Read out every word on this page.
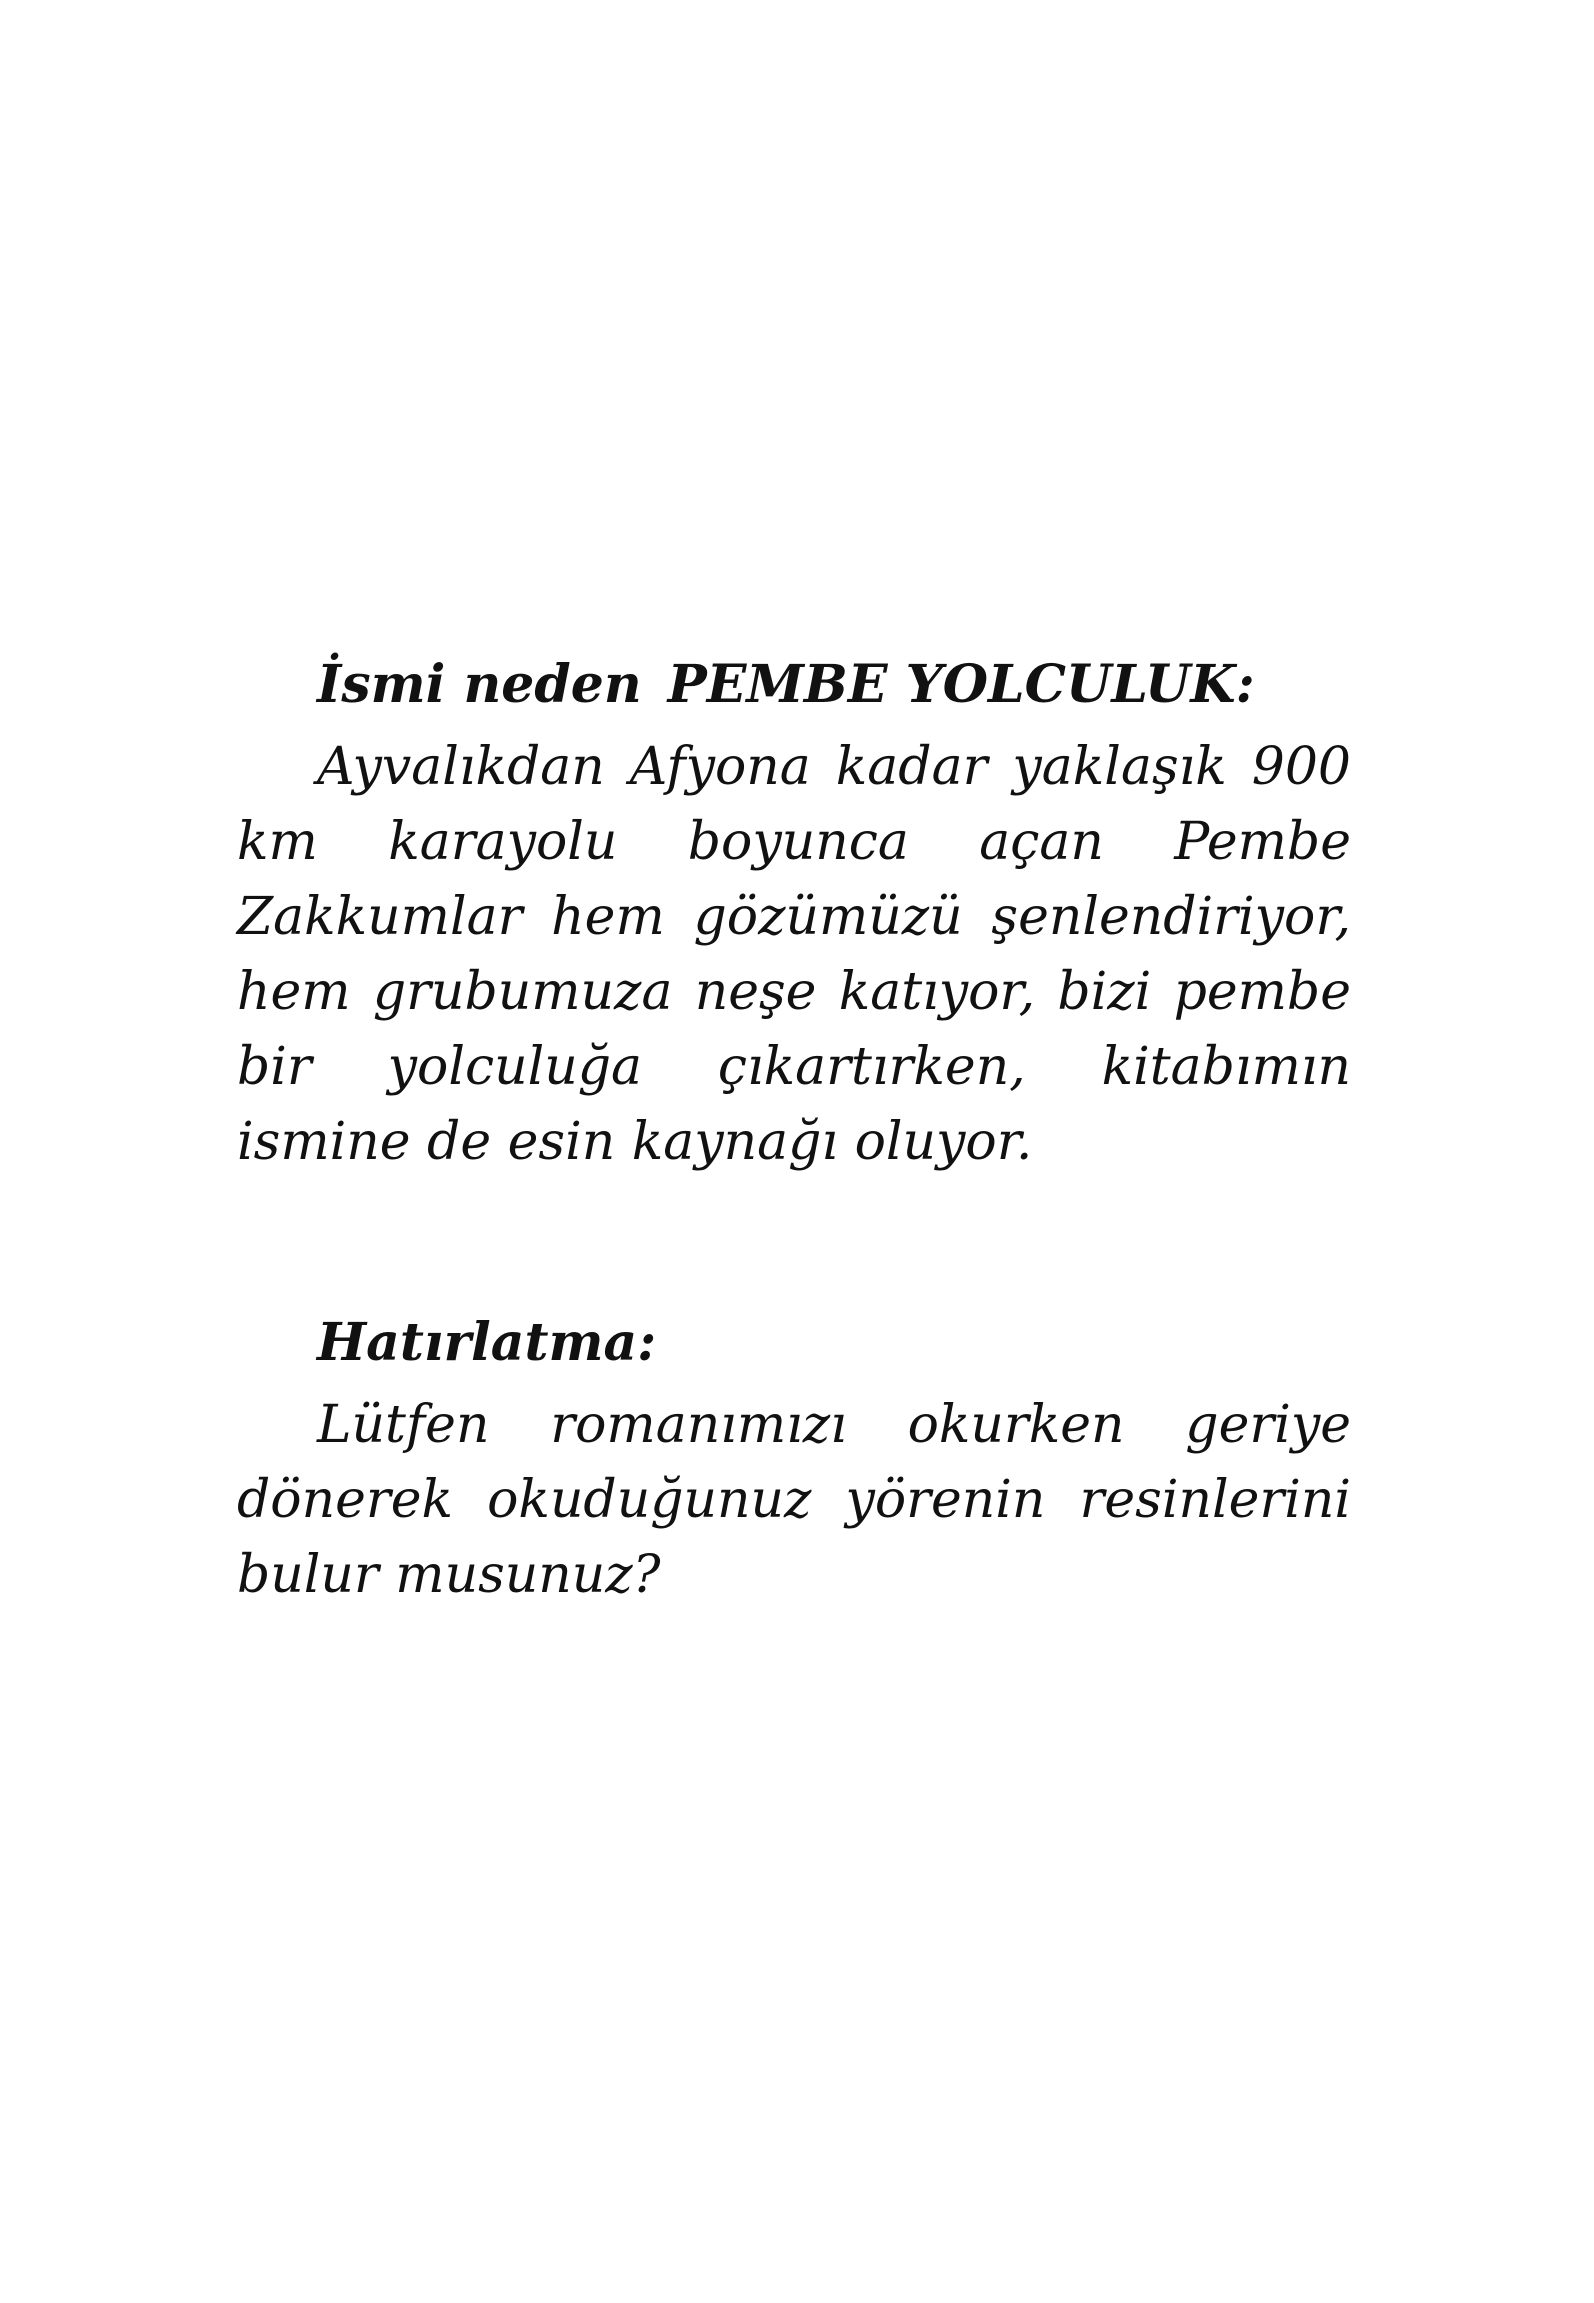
İsmi neden PEMBE YOLCULUK:

Ayvalıkdan Afyona kadar yaklaşık 900 km karayolu boyunca açan Pembe Zakkumlar hem gözümüzü şenlendiriyor, hem grubumuza neşe katıyor, bizi pembe bir yolculuğa çıkartırken, kitabımın ismine de esin kaynağı oluyor.

Hatırlatma:

Lütfen romanımızı okurken geriye dönerek okuduğunuz yörenin resinlerini bulur musunuz?
